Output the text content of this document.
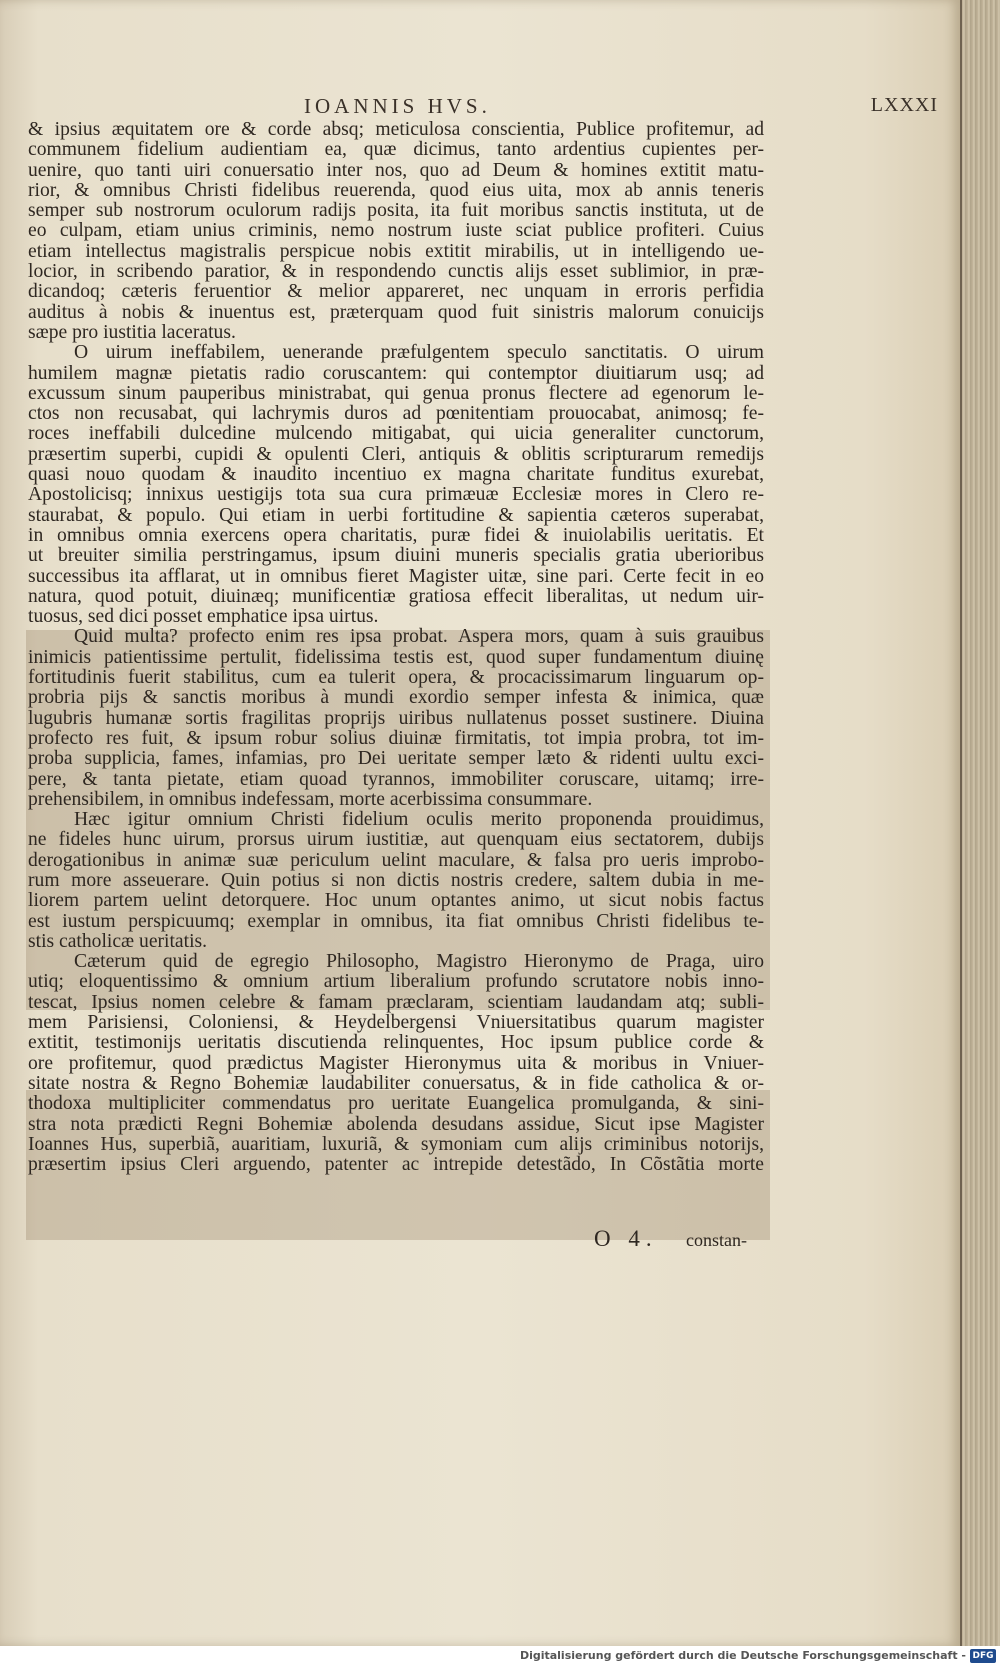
IOANNIS HVS.	LXXXI
& ipsius æquitatem ore & corde absq; meticulosa conscientia, Publice profitemur, ad
communem fidelium audientiam ea, quæ dicimus, tanto ardentius cupientes per-
uenire, quo tanti uiri conuersatio inter nos, quo ad Deum & homines extitit matu-
rior, & omnibus Christi fidelibus reuerenda, quod eius uita, mox ab annis teneris
semper sub nostrorum oculorum radijs posita, ita fuit moribus sanctis instituta, ut de
eo culpam, etiam unius criminis, nemo nostrum iuste sciat publice profiteri. Cuius
etiam intellectus magistralis perspicue nobis extitit mirabilis, ut in intelligendo ue-
locior, in scribendo paratior, & in respondendo cunctis alijs esset sublimior, in præ-
dicandoq; cæteris feruentior & melior appareret, nec unquam in erroris perfidia
auditus à nobis & inuentus est, præterquam quod fuit sinistris malorum conuicijs
sæpe pro iustitia laceratus.
O uirum ineffabilem, uenerande præfulgentem speculo sanctitatis. O uirum
humilem magnæ pietatis radio coruscantem: qui contemptor diuitiarum usq; ad
excussum sinum pauperibus ministrabat, qui genua pronus flectere ad egenorum le-
ctos non recusabat, qui lachrymis duros ad pœnitentiam prouocabat, animosq; fe-
roces ineffabili dulcedine mulcendo mitigabat, qui uicia generaliter cunctorum,
præsertim superbi, cupidi & opulenti Cleri, antiquis & oblitis scripturarum remedijs
quasi nouo quodam & inaudito incentiuo ex magna charitate funditus exurebat,
Apostolicisq; innixus uestigijs tota sua cura primæuæ Ecclesiæ mores in Clero re-
staurabat, & populo. Qui etiam in uerbi fortitudine & sapientia cæteros superabat,
in omnibus omnia exercens opera charitatis, puræ fidei & inuiolabilis ueritatis. Et
ut breuiter similia perstringamus, ipsum diuini muneris specialis gratia uberioribus
successibus ita afflarat, ut in omnibus fieret Magister uitæ, sine pari. Certe fecit in eo
natura, quod potuit, diuinæq; munificentiæ gratiosa effecit liberalitas, ut nedum uir-
tuosus, sed dici posset emphatice ipsa uirtus.
Quid multa? profecto enim res ipsa probat. Aspera mors, quam à suis grauibus
inimicis patientissime pertulit, fidelissima testis est, quod super fundamentum diuinę
fortitudinis fuerit stabilitus, cum ea tulerit opera, & procacissimarum linguarum op-
probria pijs & sanctis moribus à mundi exordio semper infesta & inimica, quæ
lugubris humanæ sortis fragilitas proprijs uiribus nullatenus posset sustinere. Diuina
profecto res fuit, & ipsum robur solius diuinæ firmitatis, tot impia probra, tot im-
proba supplicia, fames, infamias, pro Dei ueritate semper læto & ridenti uultu exci-
pere, & tanta pietate, etiam quoad tyrannos, immobiliter coruscare, uitamq; irre-
prehensibilem, in omnibus indefessam, morte acerbissima consummare.
Hæc igitur omnium Christi fidelium oculis merito proponenda prouidimus,
ne fideles hunc uirum, prorsus uirum iustitiæ, aut quenquam eius sectatorem, dubijs
derogationibus in animæ suæ periculum uelint maculare, & falsa pro ueris improbo-
rum more asseuerare. Quin potius si non dictis nostris credere, saltem dubia in me-
liorem partem uelint detorquere. Hoc unum optantes animo, ut sicut nobis factus
est iustum perspicuumq; exemplar in omnibus, ita fiat omnibus Christi fidelibus te-
stis catholicæ ueritatis.
Cæterum quid de egregio Philosopho, Magistro Hieronymo de Praga, uiro
utiq; eloquentissimo & omnium artium liberalium profundo scrutatore nobis inno-
tescat, Ipsius nomen celebre & famam præclaram, scientiam laudandam atq; subli-
mem Parisiensi, Coloniensi, & Heydelbergensi Vniuersitatibus quarum magister
extitit, testimonijs ueritatis discutienda relinquentes, Hoc ipsum publice corde &
ore profitemur, quod prædictus Magister Hieronymus uita & moribus in Vniuer-
sitate nostra & Regno Bohemiæ laudabiliter conuersatus, & in fide catholica & or-
thodoxa multipliciter commendatus pro ueritate Euangelica promulganda, & sini-
stra nota prædicti Regni Bohemiæ abolenda desudans assidue, Sicut ipse Magister
Ioannes Hus, superbiã, auaritiam, luxuriã, & symoniam cum alijs criminibus notorijs,
præsertim ipsius Cleri arguendo, patenter ac intrepide detestãdo, In Cõstãtia morte
O 4. constan-
Digitalisierung gefördert durch die Deutsche Forschungsgemeinschaft - DFG
